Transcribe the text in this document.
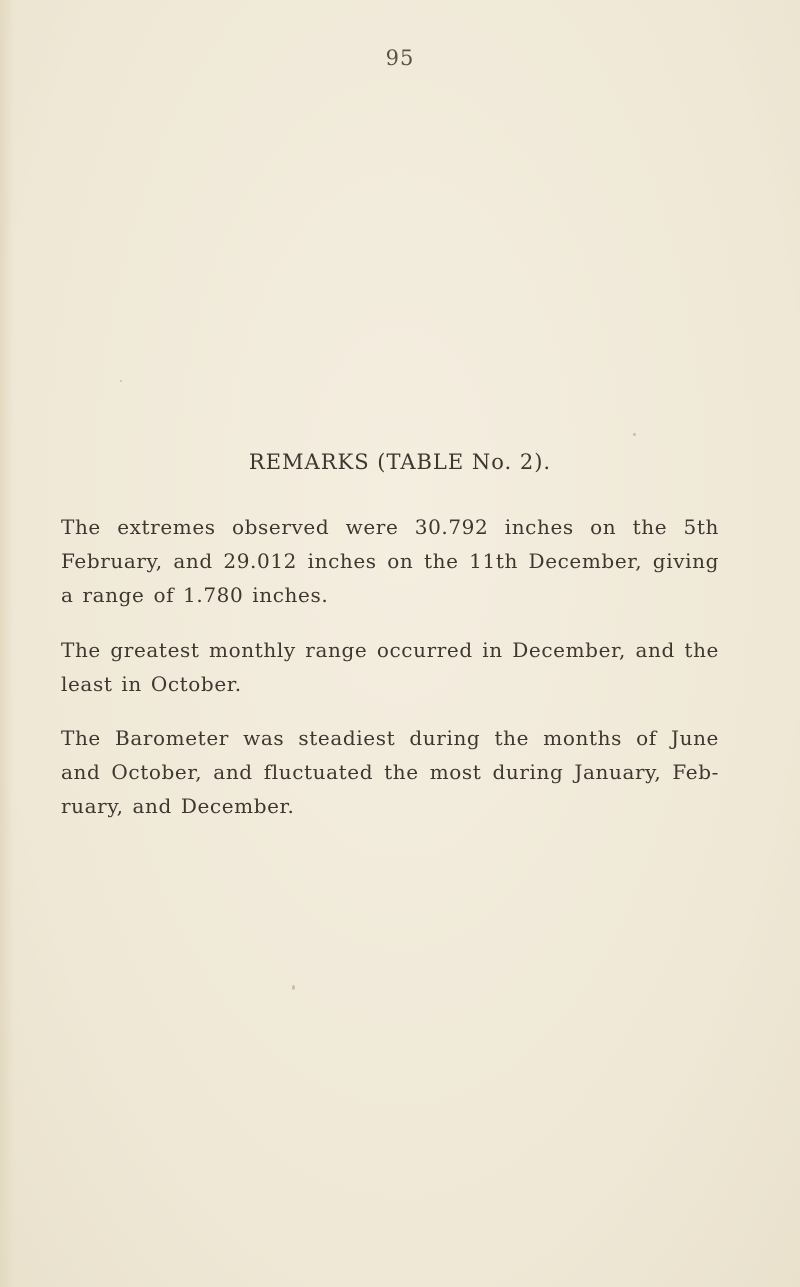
95
REMARKS (TABLE No. 2).

The extremes observed were 30.792 inches on the 5th February, and 29.012 inches on the 11th December, giving a range of 1.780 inches.

The greatest monthly range occurred in December, and the least in October.

The Barometer was steadiest during the months of June and October, and fluctuated the most during January, Feb- ruary, and December.
